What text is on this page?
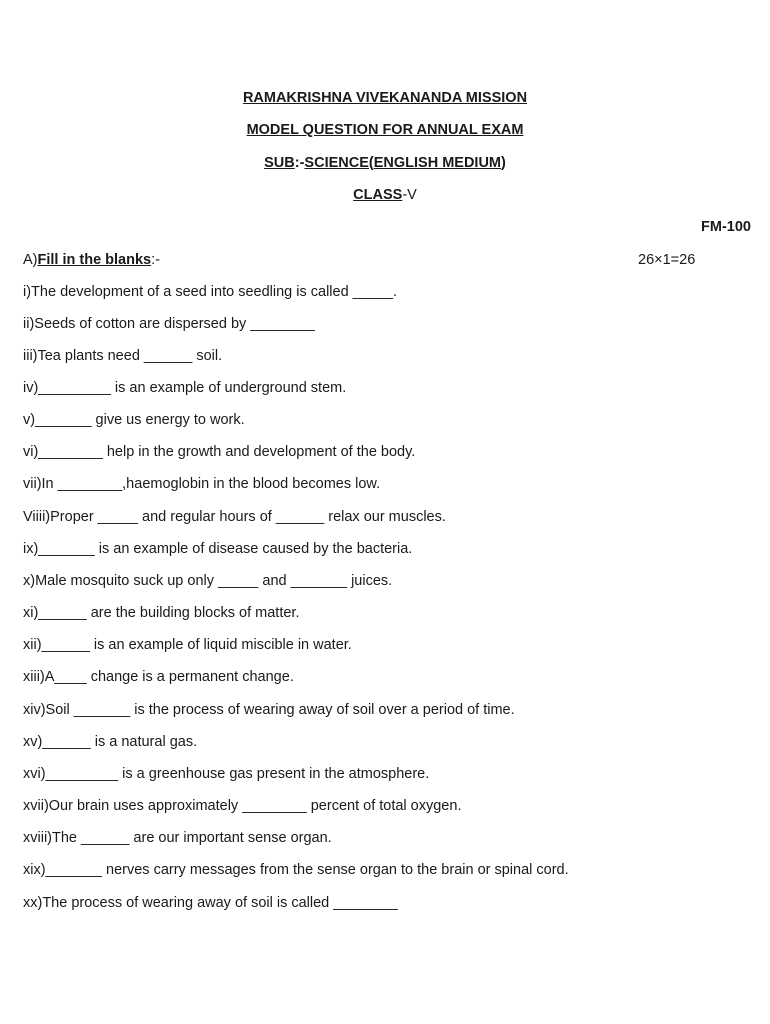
RAMAKRISHNA VIVEKANANDA MISSION
MODEL QUESTION FOR ANNUAL EXAM
SUB:-SCIENCE(ENGLISH MEDIUM)
CLASS-V
FM-100
A)Fill in the blanks:-	26×1=26
i)The development of a seed into seedling is called _____.
ii)Seeds of cotton are dispersed by ________
iii)Tea plants need ______ soil.
iv)_________ is an example of underground stem.
v)_______ give us energy to work.
vi)________ help in the growth and development of the body.
vii)In ________,haemoglobin in the blood becomes low.
Viiii)Proper _____ and regular hours of ______ relax our muscles.
ix)_______ is an example of disease caused by the bacteria.
x)Male mosquito suck up only _____ and _______ juices.
xi)______ are the building blocks of matter.
xii)______ is an example of liquid miscible in water.
xiii)A____ change is a permanent change.
xiv)Soil _______ is the process of wearing away of soil over a period of time.
xv)______ is a natural gas.
xvi)_________ is a greenhouse gas present in the atmosphere.
xvii)Our brain uses approximately ________ percent of total oxygen.
xviii)The ______ are our important sense organ.
xix)_______ nerves carry messages from the sense organ to the brain or spinal cord.
xx)The process of wearing away of soil is called ________
